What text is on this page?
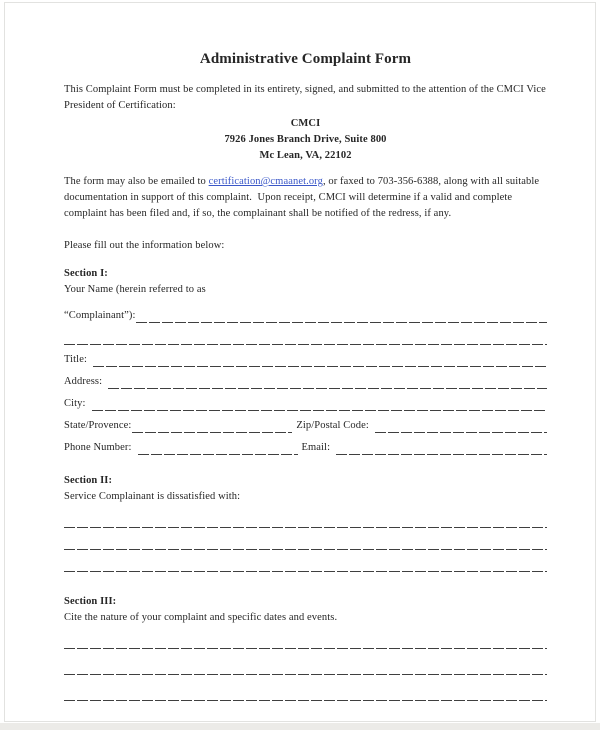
Administrative Complaint Form

This Complaint Form must be completed in its entirety, signed, and submitted to the attention of the CMCI Vice President of Certification:

CMCI
7926 Jones Branch Drive, Suite 800
Mc Lean, VA, 22102

The form may also be emailed to certification@cmaanet.org, or faxed to 703-356-6388, along with all suitable documentation in support of this complaint.  Upon receipt, CMCI will determine if a valid and complete complaint has been filed and, if so, the complainant shall be notified of the redress, if any.

Please fill out the information below:

Section I:
Your Name (herein referred to as
“Complainant”):
Title:
Address:
City:
State/Provence:	Zip/Postal Code:
Phone Number:	Email:
Section II:
Service Complainant is dissatisfied with:
Section III:
Cite the nature of your complaint and specific dates and events.
